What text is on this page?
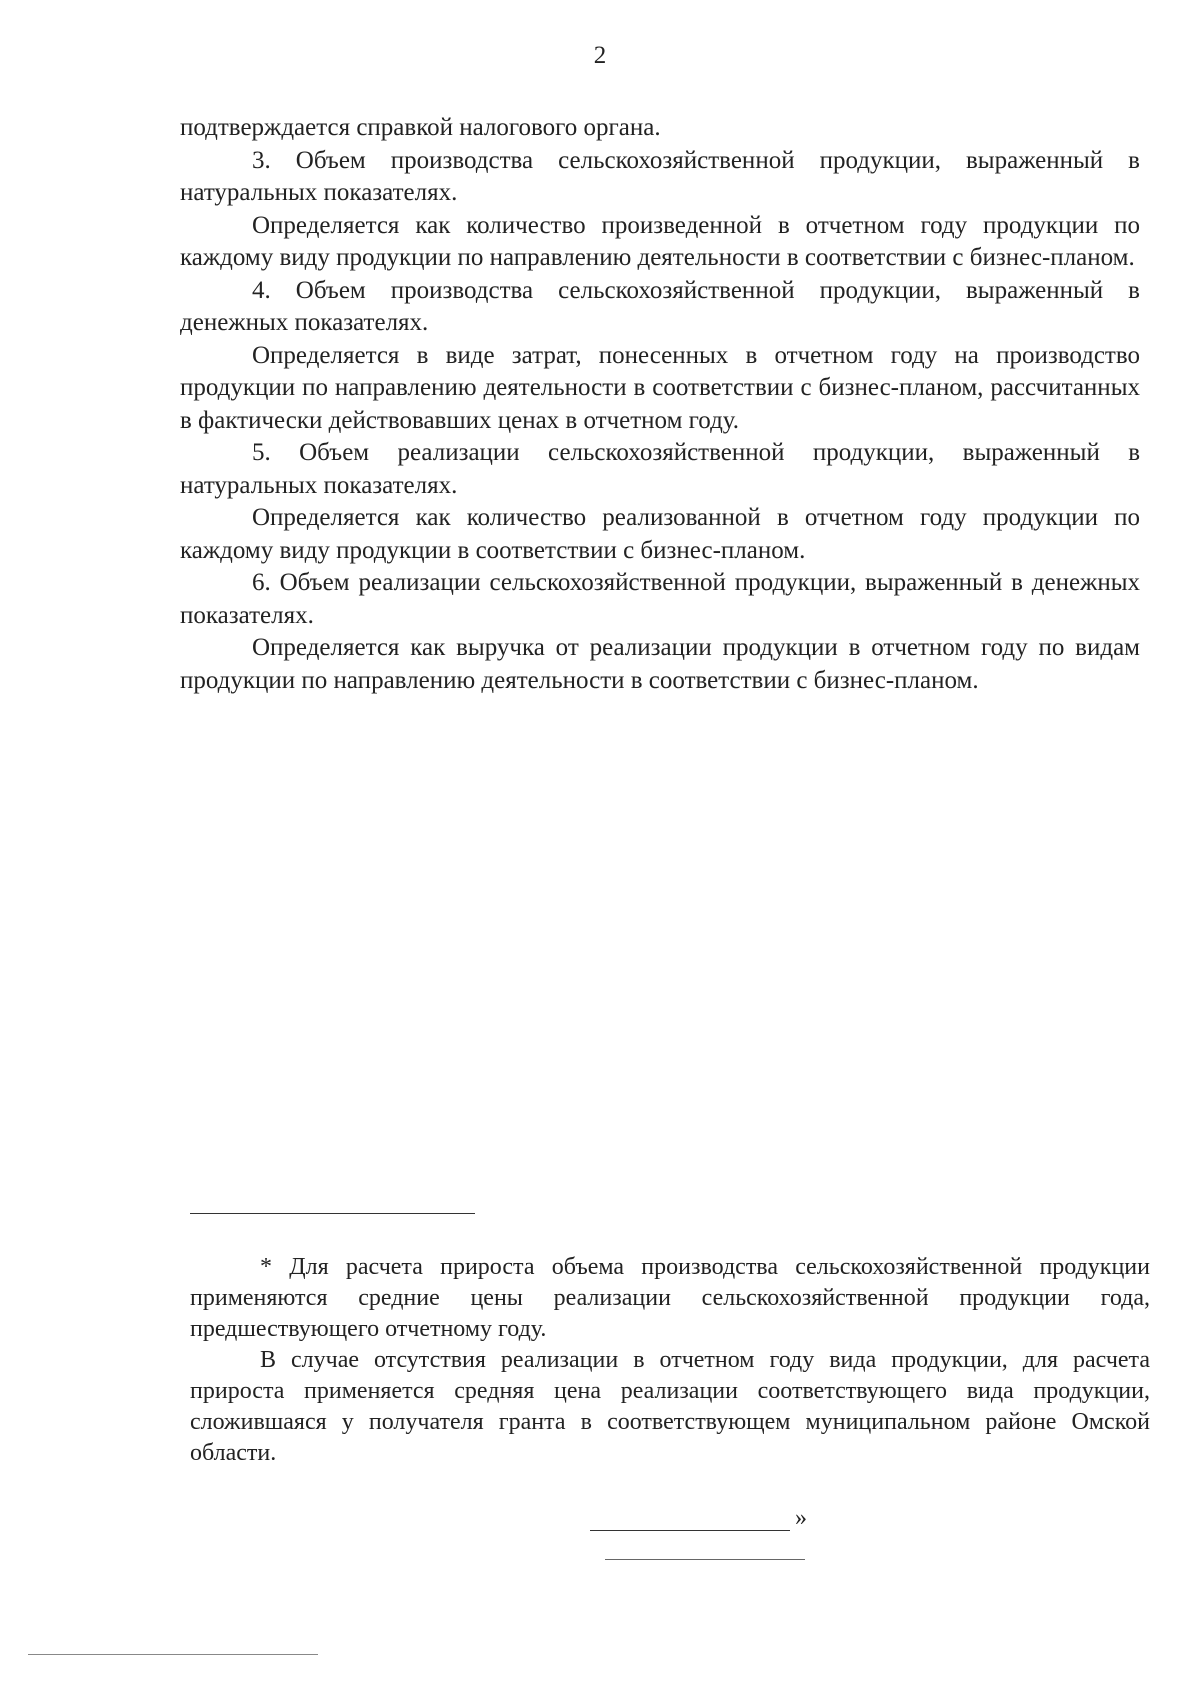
2

подтверждается справкой налогового органа.

3. Объем производства сельскохозяйственной продукции, выраженный в натуральных показателях.

Определяется как количество произведенной в отчетном году продукции по каждому виду продукции по направлению деятельности в соответствии с бизнес-планом.

4. Объем производства сельскохозяйственной продукции, выраженный в денежных показателях.

Определяется в виде затрат, понесенных в отчетном году на производство продукции по направлению деятельности в соответствии с бизнес-планом, рассчитанных в фактически действовавших ценах в отчетном году.

5. Объем реализации сельскохозяйственной продукции, выраженный в натуральных показателях.

Определяется как количество реализованной в отчетном году продукции по каждому виду продукции в соответствии с бизнес-планом.

6. Объем реализации сельскохозяйственной продукции, выраженный в денежных показателях.

Определяется как выручка от реализации продукции в отчетном году по видам продукции по направлению деятельности в соответствии с бизнес-планом.

* Для расчета прироста объема производства сельскохозяйственной продукции применяются средние цены реализации сельскохозяйственной продукции года, предшествующего отчетному году.

В случае отсутствия реализации в отчетном году вида продукции, для расчета прироста применяется средняя цена реализации соответствующего вида продукции, сложившаяся у получателя гранта в соответствующем муниципальном районе Омской области.

»
